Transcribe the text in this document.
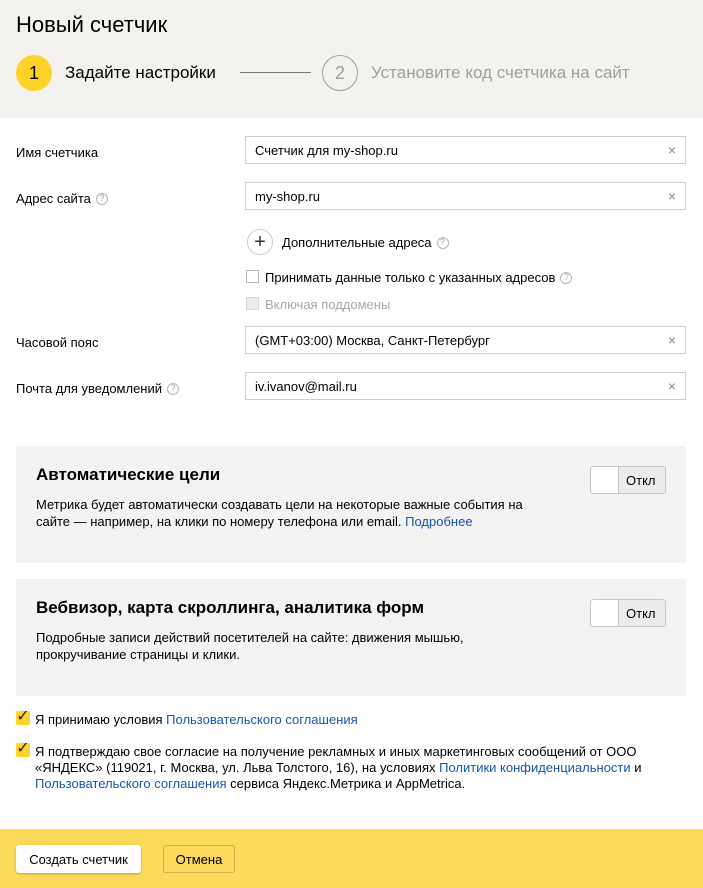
Новый счетчик
1	Задайте настройки	2	Установите код счетчика на сайт
Имя счетчика	Счетчик для my-shop.ru	×
Адрес сайта ?	my-shop.ru	×
+	Дополнительные адреса ?
Принимать данные только с указанных адресов ?
Включая поддомены
Часовой пояс	(GMT+03:00) Москва, Санкт-Петербург	×
Почта для уведомлений ?	iv.ivanov@mail.ru	×
Автоматические цели
Метрика будет автоматически создавать цели на некоторые важные события на сайте — например, на клики по номеру телефона или email. Подробнее
Откл
Вебвизор, карта скроллинга, аналитика форм
Подробные записи действий посетителей на сайте: движения мышью, прокручивание страницы и клики.
Откл
✓ Я принимаю условия Пользовательского соглашения
✓ Я подтверждаю свое согласие на получение рекламных и иных маркетинговых сообщений от ООО «ЯНДЕКС» (119021, г. Москва, ул. Льва Толстого, 16), на условиях Политики конфиденциальности и Пользовательского соглашения сервиса Яндекс.Метрика и AppMetrica.
Создать счетчик	Отмена
